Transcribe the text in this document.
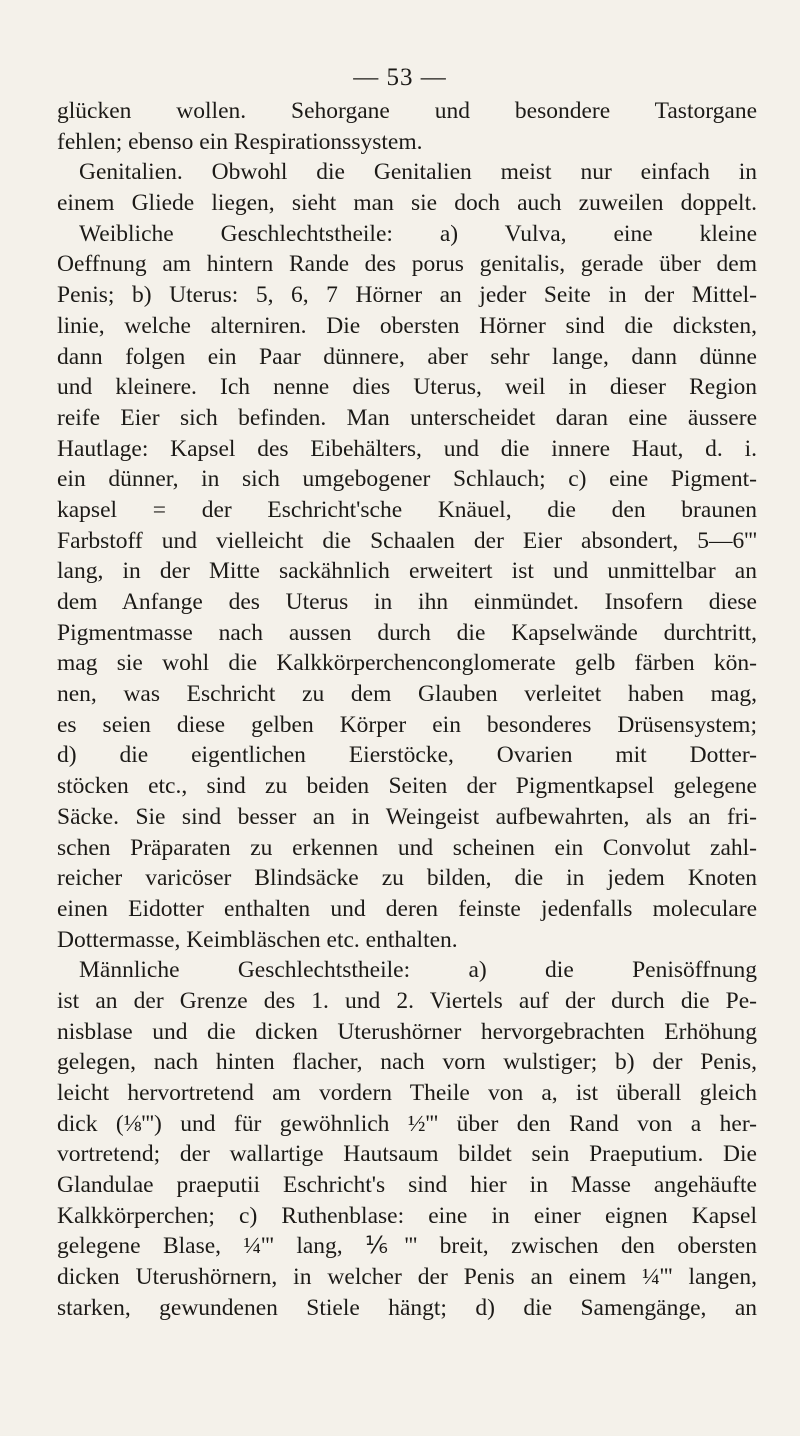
— 53 —
glücken wollen. Sehorgane und besondere Tastorgane
fehlen; ebenso ein Respirationssystem.
Genitalien. Obwohl die Genitalien meist nur einfach in
einem Gliede liegen, sieht man sie doch auch zuweilen doppelt.
Weibliche Geschlechtstheile: a) Vulva, eine kleine
Oeffnung am hintern Rande des porus genitalis, gerade über dem
Penis; b) Uterus: 5, 6, 7 Hörner an jeder Seite in der Mittel-
linie, welche alterniren. Die obersten Hörner sind die dicksten,
dann folgen ein Paar dünnere, aber sehr lange, dann dünne
und kleinere. Ich nenne dies Uterus, weil in dieser Region
reife Eier sich befinden. Man unterscheidet daran eine äussere
Hautlage: Kapsel des Eibehälters, und die innere Haut, d. i.
ein dünner, in sich umgebogener Schlauch; c) eine Pigment-
kapsel = der Eschricht'sche Knäuel, die den braunen
Farbstoff und vielleicht die Schaalen der Eier absondert, 5—6'''
lang, in der Mitte sackähnlich erweitert ist und unmittelbar an
dem Anfange des Uterus in ihn einmündet. Insofern diese
Pigmentmasse nach aussen durch die Kapselwände durchtritt,
mag sie wohl die Kalkkörperchenconglomerate gelb färben kön-
nen, was Eschricht zu dem Glauben verleitet haben mag,
es seien diese gelben Körper ein besonderes Drüsensystem;
d) die eigentlichen Eierstöcke, Ovarien mit Dotter-
stöcken etc., sind zu beiden Seiten der Pigmentkapsel gelegene
Säcke. Sie sind besser an in Weingeist aufbewahrten, als an fri-
schen Präparaten zu erkennen und scheinen ein Convolut zahl-
reicher varicöser Blindsäcke zu bilden, die in jedem Knoten
einen Eidotter enthalten und deren feinste jedenfalls moleculare
Dottermasse, Keimbläschen etc. enthalten.
Männliche Geschlechtstheile: a) die Penisöffnung
ist an der Grenze des 1. und 2. Viertels auf der durch die Pe-
nisblase und die dicken Uterushörner hervorgebrachten Erhöhung
gelegen, nach hinten flacher, nach vorn wulstiger; b) der Penis,
leicht hervortretend am vordern Theile von a, ist überall gleich
dick (⅛''') und für gewöhnlich ½''' über den Rand von a her-
vortretend; der wallartige Hautsaum bildet sein Praeputium. Die
Glandulae praeputii Eschricht's sind hier in Masse angehäufte
Kalkkörperchen; c) Ruthenblase: eine in einer eignen Kapsel
gelegene Blase, ¼''' lang, ⅙''' breit, zwischen den obersten
dicken Uterushörnern, in welcher der Penis an einem ¼''' langen,
starken, gewundenen Stiele hängt; d) die Samengänge, an
